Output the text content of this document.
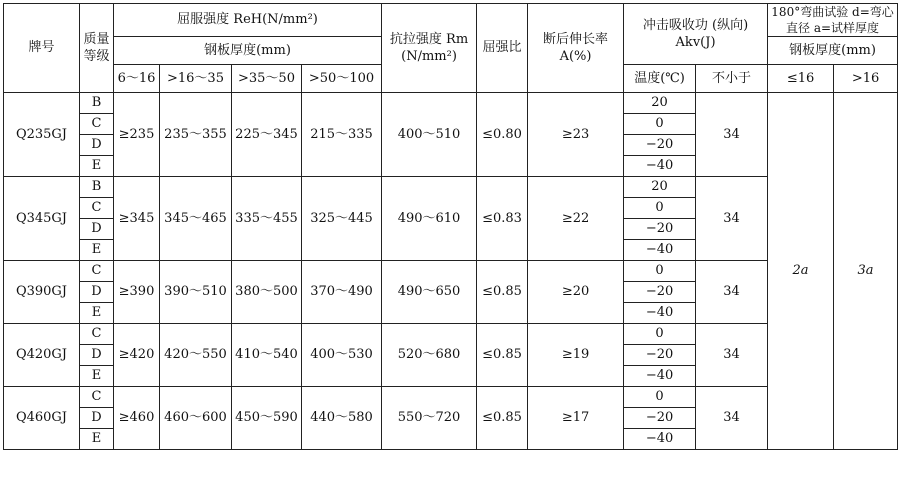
牌号	质量等级	屈服强度 ReH(N/mm²)				抗拉强度 Rm (N/mm²)	屈强比	断后伸长率 A(%)	冲击吸收功 (纵向) Akv(J)		180°弯曲试验 d=弯心直径 a=试样厚度	
		钢板厚度(mm)									钢板厚度(mm)	
		6～16	>16～35	>35～50	>50～100				温度(℃)	不小于	≤16	>16
Q235GJ	B	≥235	235～355	225～345	215～335	400～510	≤0.80	≥23	20	34	2a	3a
	C								0			
	D								−20			
	E								−40			
Q345GJ	B	≥345	345～465	335～455	325～445	490～610	≤0.83	≥22	20	34		
	C								0			
	D								−20			
	E								−40			
Q390GJ	C	≥390	390～510	380～500	370～490	490～650	≤0.85	≥20	0	34		
	D								−20			
	E								−40			
Q420GJ	C	≥420	420～550	410～540	400～530	520～680	≤0.85	≥19	0	34		
	D								−20			
	E								−40			
Q460GJ	C	≥460	460～600	450～590	440～580	550～720	≤0.85	≥17	0	34		
	D								−20			
	E								−40			
